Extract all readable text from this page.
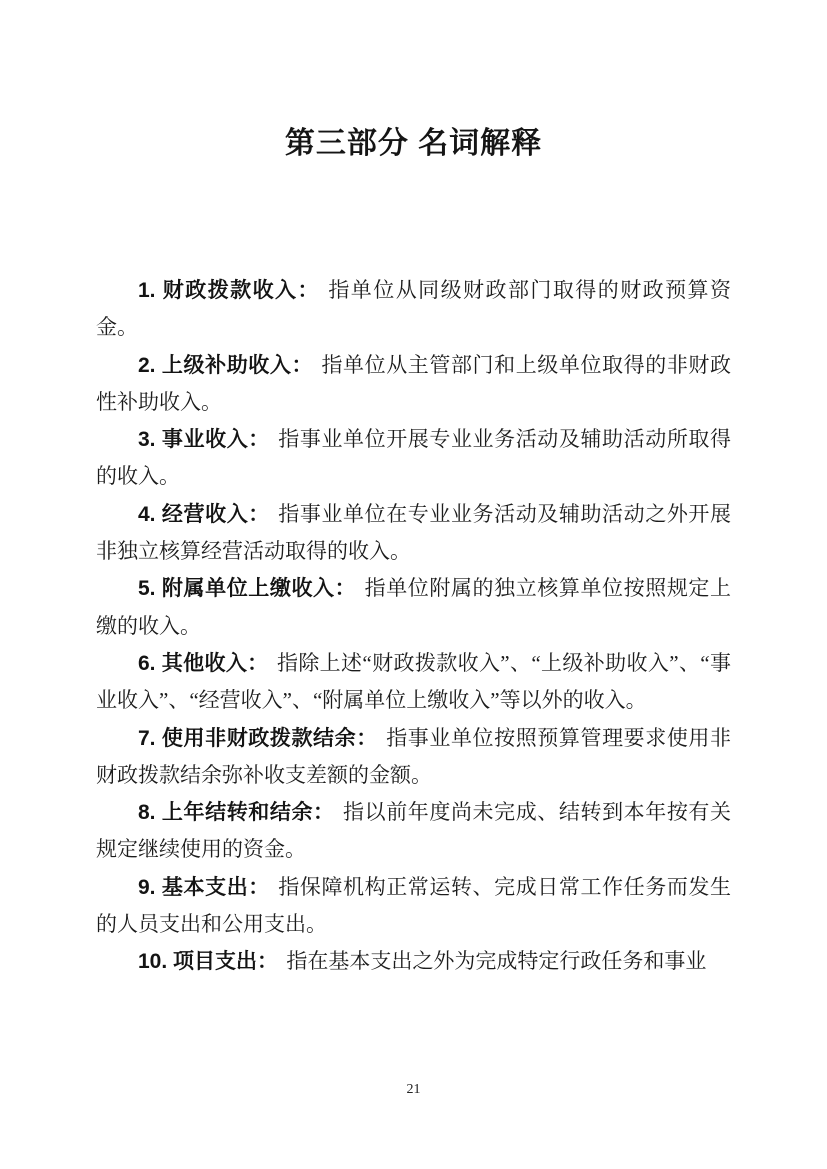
第三部分 名词解释

1. 财政拨款收入： 指单位从同级财政部门取得的财政预算资金。

2. 上级补助收入： 指单位从主管部门和上级单位取得的非财政性补助收入。

3. 事业收入： 指事业单位开展专业业务活动及辅助活动所取得的收入。

4. 经营收入： 指事业单位在专业业务活动及辅助活动之外开展非独立核算经营活动取得的收入。

5. 附属单位上缴收入： 指单位附属的独立核算单位按照规定上缴的收入。

6. 其他收入： 指除上述“财政拨款收入”、“上级补助收入”、“事业收入”、“经营收入”、“附属单位上缴收入”等以外的收入。

7. 使用非财政拨款结余： 指事业单位按照预算管理要求使用非财政拨款结余弥补收支差额的金额。

8. 上年结转和结余： 指以前年度尚未完成、结转到本年按有关规定继续使用的资金。

9. 基本支出： 指保障机构正常运转、完成日常工作任务而发生的人员支出和公用支出。

10. 项目支出： 指在基本支出之外为完成特定行政任务和事业

21
